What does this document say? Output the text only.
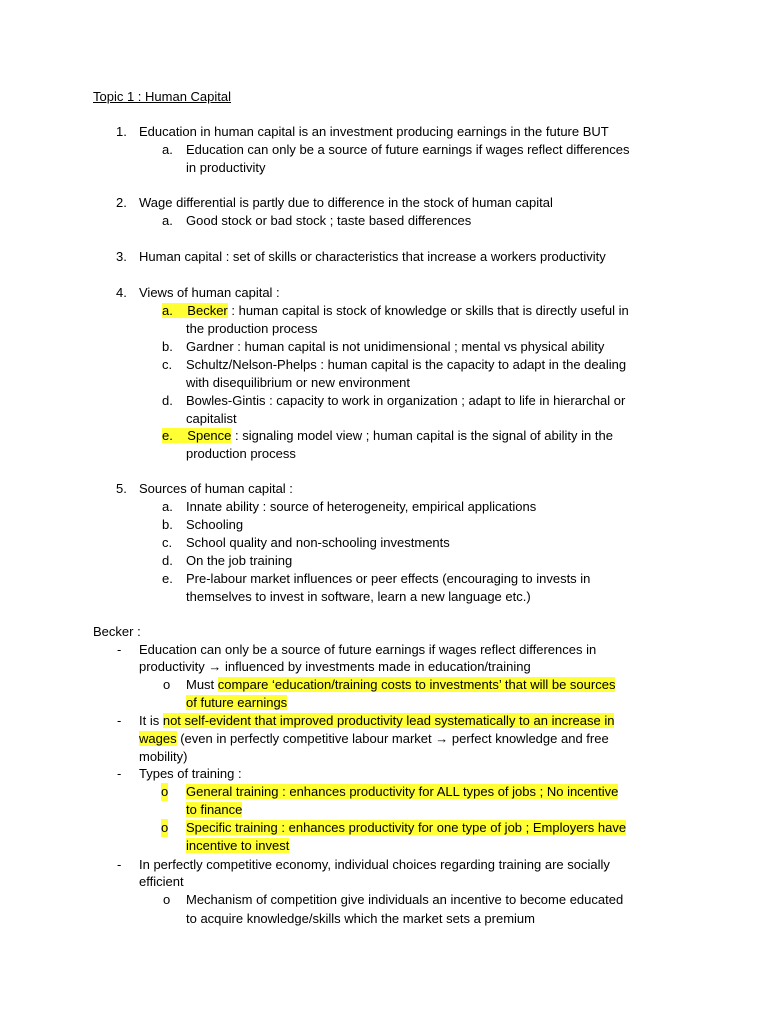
Topic 1 : Human Capital
1. Education in human capital is an investment producing earnings in the future BUT
a. Education can only be a source of future earnings if wages reflect differences
in productivity
2. Wage differential is partly due to difference in the stock of human capital
a. Good stock or bad stock ; taste based differences
3. Human capital : set of skills or characteristics that increase a workers productivity
4. Views of human capital :
a. Becker : human capital is stock of knowledge or skills that is directly useful in
the production process
b. Gardner : human capital is not unidimensional ; mental vs physical ability
c. Schultz/Nelson-Phelps : human capital is the capacity to adapt in the dealing
with disequilibrium or new environment
d. Bowles-Gintis : capacity to work in organization ; adapt to life in hierarchal or
capitalist
e. Spence : signaling model view ; human capital is the signal of ability in the
production process
5. Sources of human capital :
a. Innate ability : source of heterogeneity, empirical applications
b. Schooling
c. School quality and non-schooling investments
d. On the job training
e. Pre-labour market influences or peer effects (encouraging to invests in
themselves to invest in software, learn a new language etc.)
Becker :
- Education can only be a source of future earnings if wages reflect differences in
productivity → influenced by investments made in education/training
o Must compare ‘education/training costs to investments’ that will be sources
of future earnings
- It is not self-evident that improved productivity lead systematically to an increase in
wages (even in perfectly competitive labour market → perfect knowledge and free
mobility)
- Types of training :
o General training : enhances productivity for ALL types of jobs ; No incentive
to finance
o Specific training : enhances productivity for one type of job ; Employers have
incentive to invest
- In perfectly competitive economy, individual choices regarding training are socially
efficient
o Mechanism of competition give individuals an incentive to become educated
to acquire knowledge/skills which the market sets a premium
